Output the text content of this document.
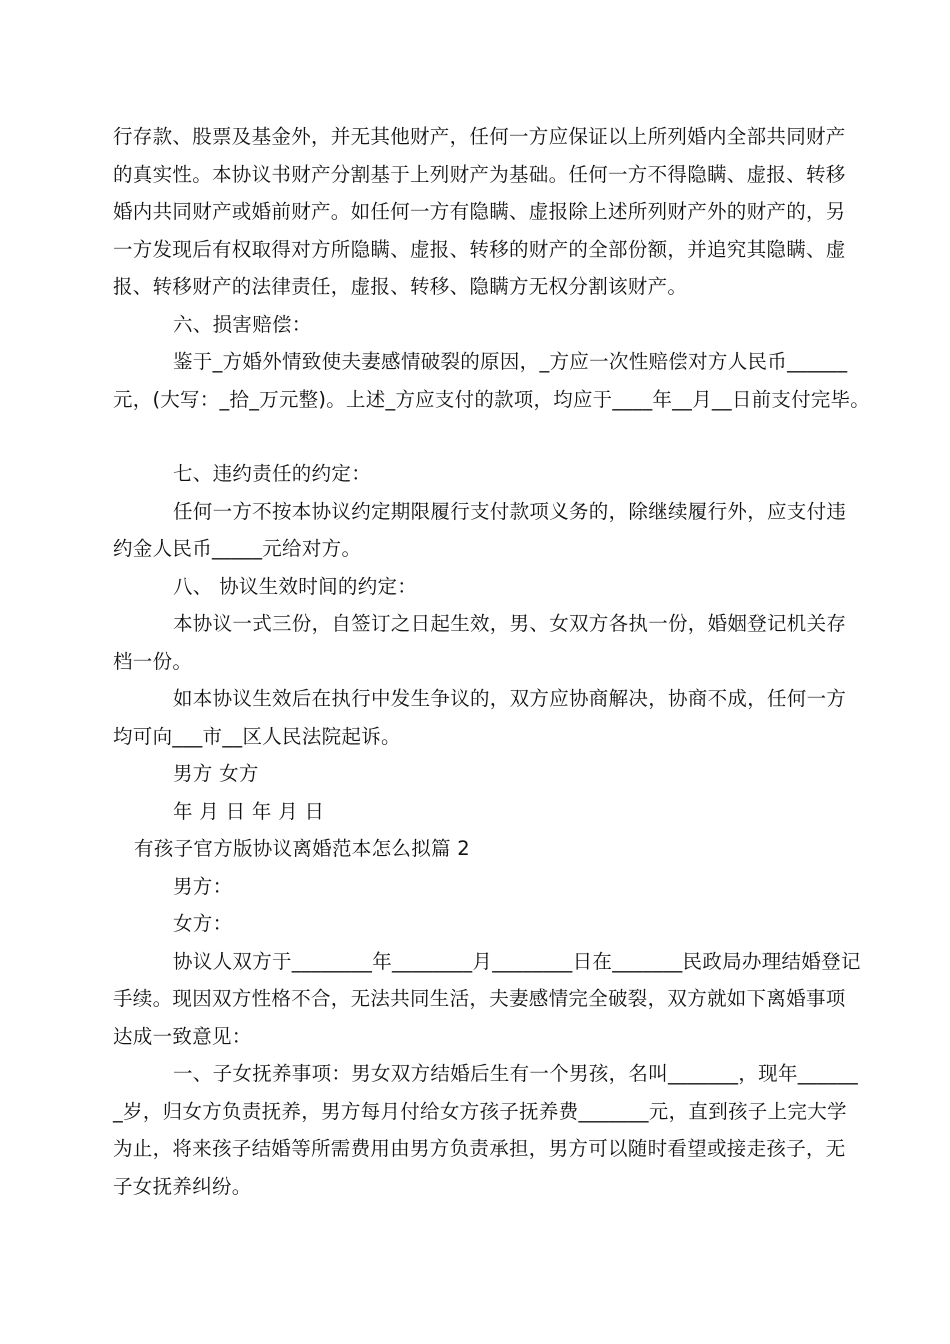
行存款、股票及基金外，并无其他财产，任何一方应保证以上所列婚内全部共同财产
的真实性。本协议书财产分割基于上列财产为基础。任何一方不得隐瞒、虚报、转移
婚内共同财产或婚前财产。如任何一方有隐瞒、虚报除上述所列财产外的财产的，另
一方发现后有权取得对方所隐瞒、虚报、转移的财产的全部份额，并追究其隐瞒、虚
报、转移财产的法律责任，虚报、转移、隐瞒方无权分割该财产。
六、损害赔偿：
鉴于_方婚外情致使夫妻感情破裂的原因，_方应一次性赔偿对方人民币______
元，(大写：_拾_万元整)。上述_方应支付的款项，均应于____年__月__日前支付完毕。
七、违约责任的约定：
任何一方不按本协议约定期限履行支付款项义务的，除继续履行外，应支付违
约金人民币_____元给对方。
八、 协议生效时间的约定：
本协议一式三份，自签订之日起生效，男、女双方各执一份，婚姻登记机关存
档一份。
如本协议生效后在执行中发生争议的，双方应协商解决，协商不成，任何一方
均可向___市__区人民法院起诉。
男方 女方
年 月 日 年 月 日
有孩子官方版协议离婚范本怎么拟篇 2
男方：
女方：
协议人双方于________年________月________日在_______民政局办理结婚登记
手续。现因双方性格不合，无法共同生活，夫妻感情完全破裂，双方就如下离婚事项
达成一致意见：
一、子女抚养事项：男女双方结婚后生有一个男孩，名叫_______，现年______
_岁，归女方负责抚养，男方每月付给女方孩子抚养费_______元，直到孩子上完大学
为止，将来孩子结婚等所需费用由男方负责承担，男方可以随时看望或接走孩子，无
子女抚养纠纷。
